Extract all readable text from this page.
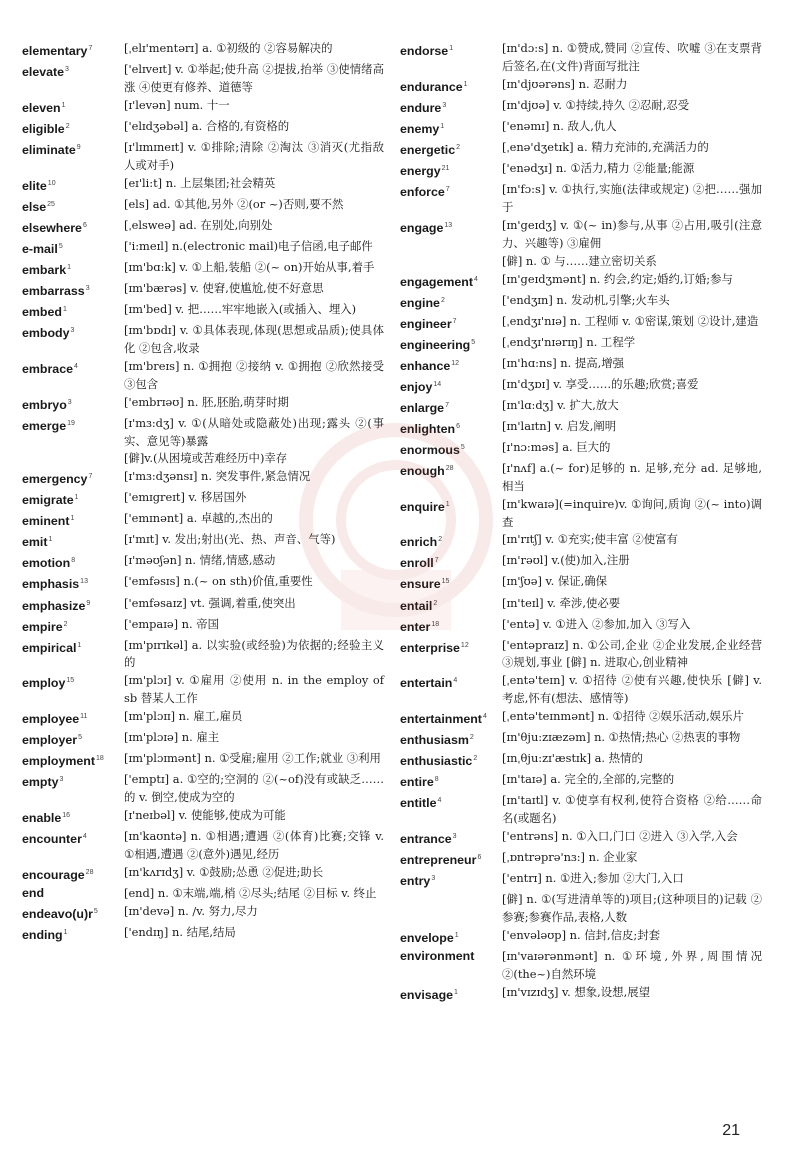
elementary$^7$	[ˌelɪ'mentərɪ] a. ①初级的 ②容易解决的
elevate$^3$	['elɪveɪt] v. ①举起;使升高 ②提拔,抬举 ③使情绪高涨 ④使更有修养、道德等
eleven$^1$	[ɪ'levən] num. 十一
eligible$^2$	['elɪdʒəbəl] a. 合格的,有资格的
eliminate$^9$	[ɪ'lɪmɪneɪt] v. ①排除;清除 ②淘汰 ③消灭(尤指敌人或对手)
elite$^{10}$	[eɪ'li:t] n. 上层集团;社会精英
else$^{25}$	[els] ad. ①其他,另外 ②(or ~)否则,要不然
elsewhere$^6$	[ˌelsweə] ad. 在别处,向别处
e-mail$^5$	['i:meɪl] n.(electronic mail)电子信函,电子邮件
embark$^1$	[ɪm'bɑ:k] v. ①上船,装船 ②(~ on)开始从事,着手
embarrass$^3$	[ɪm'bærəs] v. 使窘,使尴尬,使不好意思
embed$^1$	[ɪm'bed] v. 把……牢牢地嵌入(或插入、埋入)
embody$^3$	[ɪm'bɒdɪ] v. ①具体表现,体现(思想或品质);使具体化 ②包含,收录
embrace$^4$	[ɪm'breɪs] n. ①拥抱 ②接纳 v. ①拥抱 ②欣然接受 ③包含
embryo$^3$	['embrɪəʊ] n. 胚,胚胎,萌芽时期
emerge$^{19}$	[ɪ'mɜ:dʒ] v. ①(从暗处或隐蔽处)出现;露头 ②(事实、意见等)暴露
[僻]v.(从困境或苦难经历中)幸存
emergency$^7$	[ɪ'mɜ:dʒənsɪ] n. 突发事件,紧急情况
emigrate$^1$	['emɪgreɪt] v. 移居国外
eminent$^1$	['emɪnənt] a. 卓越的,杰出的
emit$^1$	[ɪ'mɪt] v. 发出;射出(光、热、声音、气等)
emotion$^8$	[ɪ'məʊʃən] n. 情绪,情感,感动
emphasis$^{13}$	['emfəsɪs] n.(~ on sth)价值,重要性
emphasize$^9$	['emfəsaɪz] vt. 强调,着重,使突出
empire$^2$	['empaɪə] n. 帝国
empirical$^1$	[ɪm'pɪrɪkəl] a. 以实验(或经验)为依据的;经验主义的
employ$^{15}$	[ɪm'plɔɪ] v. ①雇用 ②使用 n. in the employ of sb 替某人工作
employee$^{11}$	[ɪm'plɔɪɪ] n. 雇工,雇员
employer$^5$	[ɪm'plɔɪə] n. 雇主
employment$^{18}$	[ɪm'plɔɪmənt] n. ①受雇;雇用 ②工作;就业 ③利用
empty$^3$	['emptɪ] a. ①空的;空洞的 ②(~of)没有或缺乏……的 v. 倒空,使成为空的
enable$^{16}$	[ɪ'neɪbəl] v. 使能够,使成为可能
encounter$^4$	[ɪn'kaʊntə] n. ①相遇;遭遇 ②(体育)比赛;交锋 v. ①相遇,遭遇 ②(意外)遇见,经历
encourage$^{28}$	[ɪn'kʌrɪdʒ] v. ①鼓励;怂恿 ②促进;助长
end	[end] n. ①末端,端,梢 ②尽头;结尾 ②目标 v. 终止
$endeavo(u)r^5$	[ɪn'devə] n. /v. 努力,尽力
ending$^1$	['endɪŋ] n. 结尾,结局
endorse$^1$	[ɪn'dɔ:s] n. ①赞成,赞同 ②宣传、吹嘘 ③在支票背后签名,在(文件)背面写批注
endurance$^1$	[ɪn'djʊərəns] n. 忍耐力
endure$^3$	[ɪn'djʊə] v. ①持续,持久 ②忍耐,忍受
enemy$^1$	['enəmɪ] n. 敌人,仇人
energetic$^2$	[ˌenə'dʒetɪk] a. 精力充沛的,充满活力的
energy$^{21}$	['enədʒɪ] n. ①活力,精力 ②能量;能源
enforce$^7$	[ɪn'fɔ:s] v. ①执行,实施(法律或规定) ②把……强加于
engage$^{13}$	[ɪn'geɪdʒ] v. ①(~ in)参与,从事 ②占用,吸引(注意力、兴趣等) ③雇佣
[僻] n. ① 与……建立密切关系
engagement$^4$	[ɪn'geɪdʒmənt] n. 约会,约定;婚约,订婚;参与
engine$^2$	['endʒɪn] n. 发动机,引擎;火车头
engineer$^7$	[ˌendʒɪ'nɪə] n. 工程师 v. ①密谋,策划 ②设计,建造
engineering$^5$	[ˌendʒɪ'nɪərɪŋ] n. 工程学
enhance$^{12}$	[ɪn'hɑ:ns] n. 提高,增强
enjoy$^{14}$	[ɪn'dʒɒɪ] v. 享受……的乐趣;欣赏;喜爱
enlarge$^7$	[ɪn'lɑ:dʒ] v. 扩大,放大
enlighten$^6$	[ɪn'laɪtn] v. 启发,阐明
enormous$^5$	[ɪ'nɔ:məs] a. 巨大的
enough$^{28}$	[ɪ'nʌf] a.(~ for)足够的 n. 足够,充分 ad. 足够地,相当
enquire$^1$	[ɪn'kwaɪə](=inquire)v. ①询问,质询 ②(~ into)调查
enrich$^2$	[ɪn'rɪtʃ] v. ①充实;使丰富 ②使富有
enroll$^7$	[ɪn'rəʊl] v.(使)加入,注册
ensure$^{15}$	[ɪn'ʃʊə] v. 保证,确保
entail$^2$	[ɪn'teɪl] v. 牵涉,使必要
enter$^{18}$	['entə] v. ①进入 ②参加,加入 ③写入
enterprise$^{12}$	['entəpraɪz] n. ①公司,企业 ②企业发展,企业经营 ③规划,事业 [僻] n. 进取心,创业精神
entertain$^4$	[ˌentə'teɪn] v. ①招待 ②使有兴趣,使快乐 [僻] v. 考虑,怀有(想法、感情等)
entertainment$^4$	[ˌentə'teɪnmənt] n. ①招待 ②娱乐活动,娱乐片
enthusiasm$^2$	[ɪn'θju:zɪæzəm] n. ①热情;热心 ②热衷的事物
enthusiastic$^2$	[ɪnˌθju:zɪ'æstɪk] a. 热情的
entire$^8$	[ɪn'taɪə] a. 完全的,全部的,完整的
entitle$^4$	[ɪn'taɪtl] v. ①使享有权利,使符合资格 ②给……命名(或题名)
entrance$^3$	['entrəns] n. ①入口,门口 ②进入 ③入学,入会
entrepreneur$^6$	[ˌɒntrəprə'nɜ:] n. 企业家
entry$^3$	['entrɪ] n. ①进入;参加 ②大门,入口
[僻] n. ①(写进清单等的)项目;(这种项目的)记载 ②参赛;参赛作品,表格,人数
envelope$^1$	['envələʊp] n. 信封,信皮;封套
environment	[ɪn'vaɪərənmənt] n. ①环境,外界,周围情况 ②(the~)自然环境
envisage$^1$	[ɪn'vɪzɪdʒ] v. 想象,设想,展望
21
